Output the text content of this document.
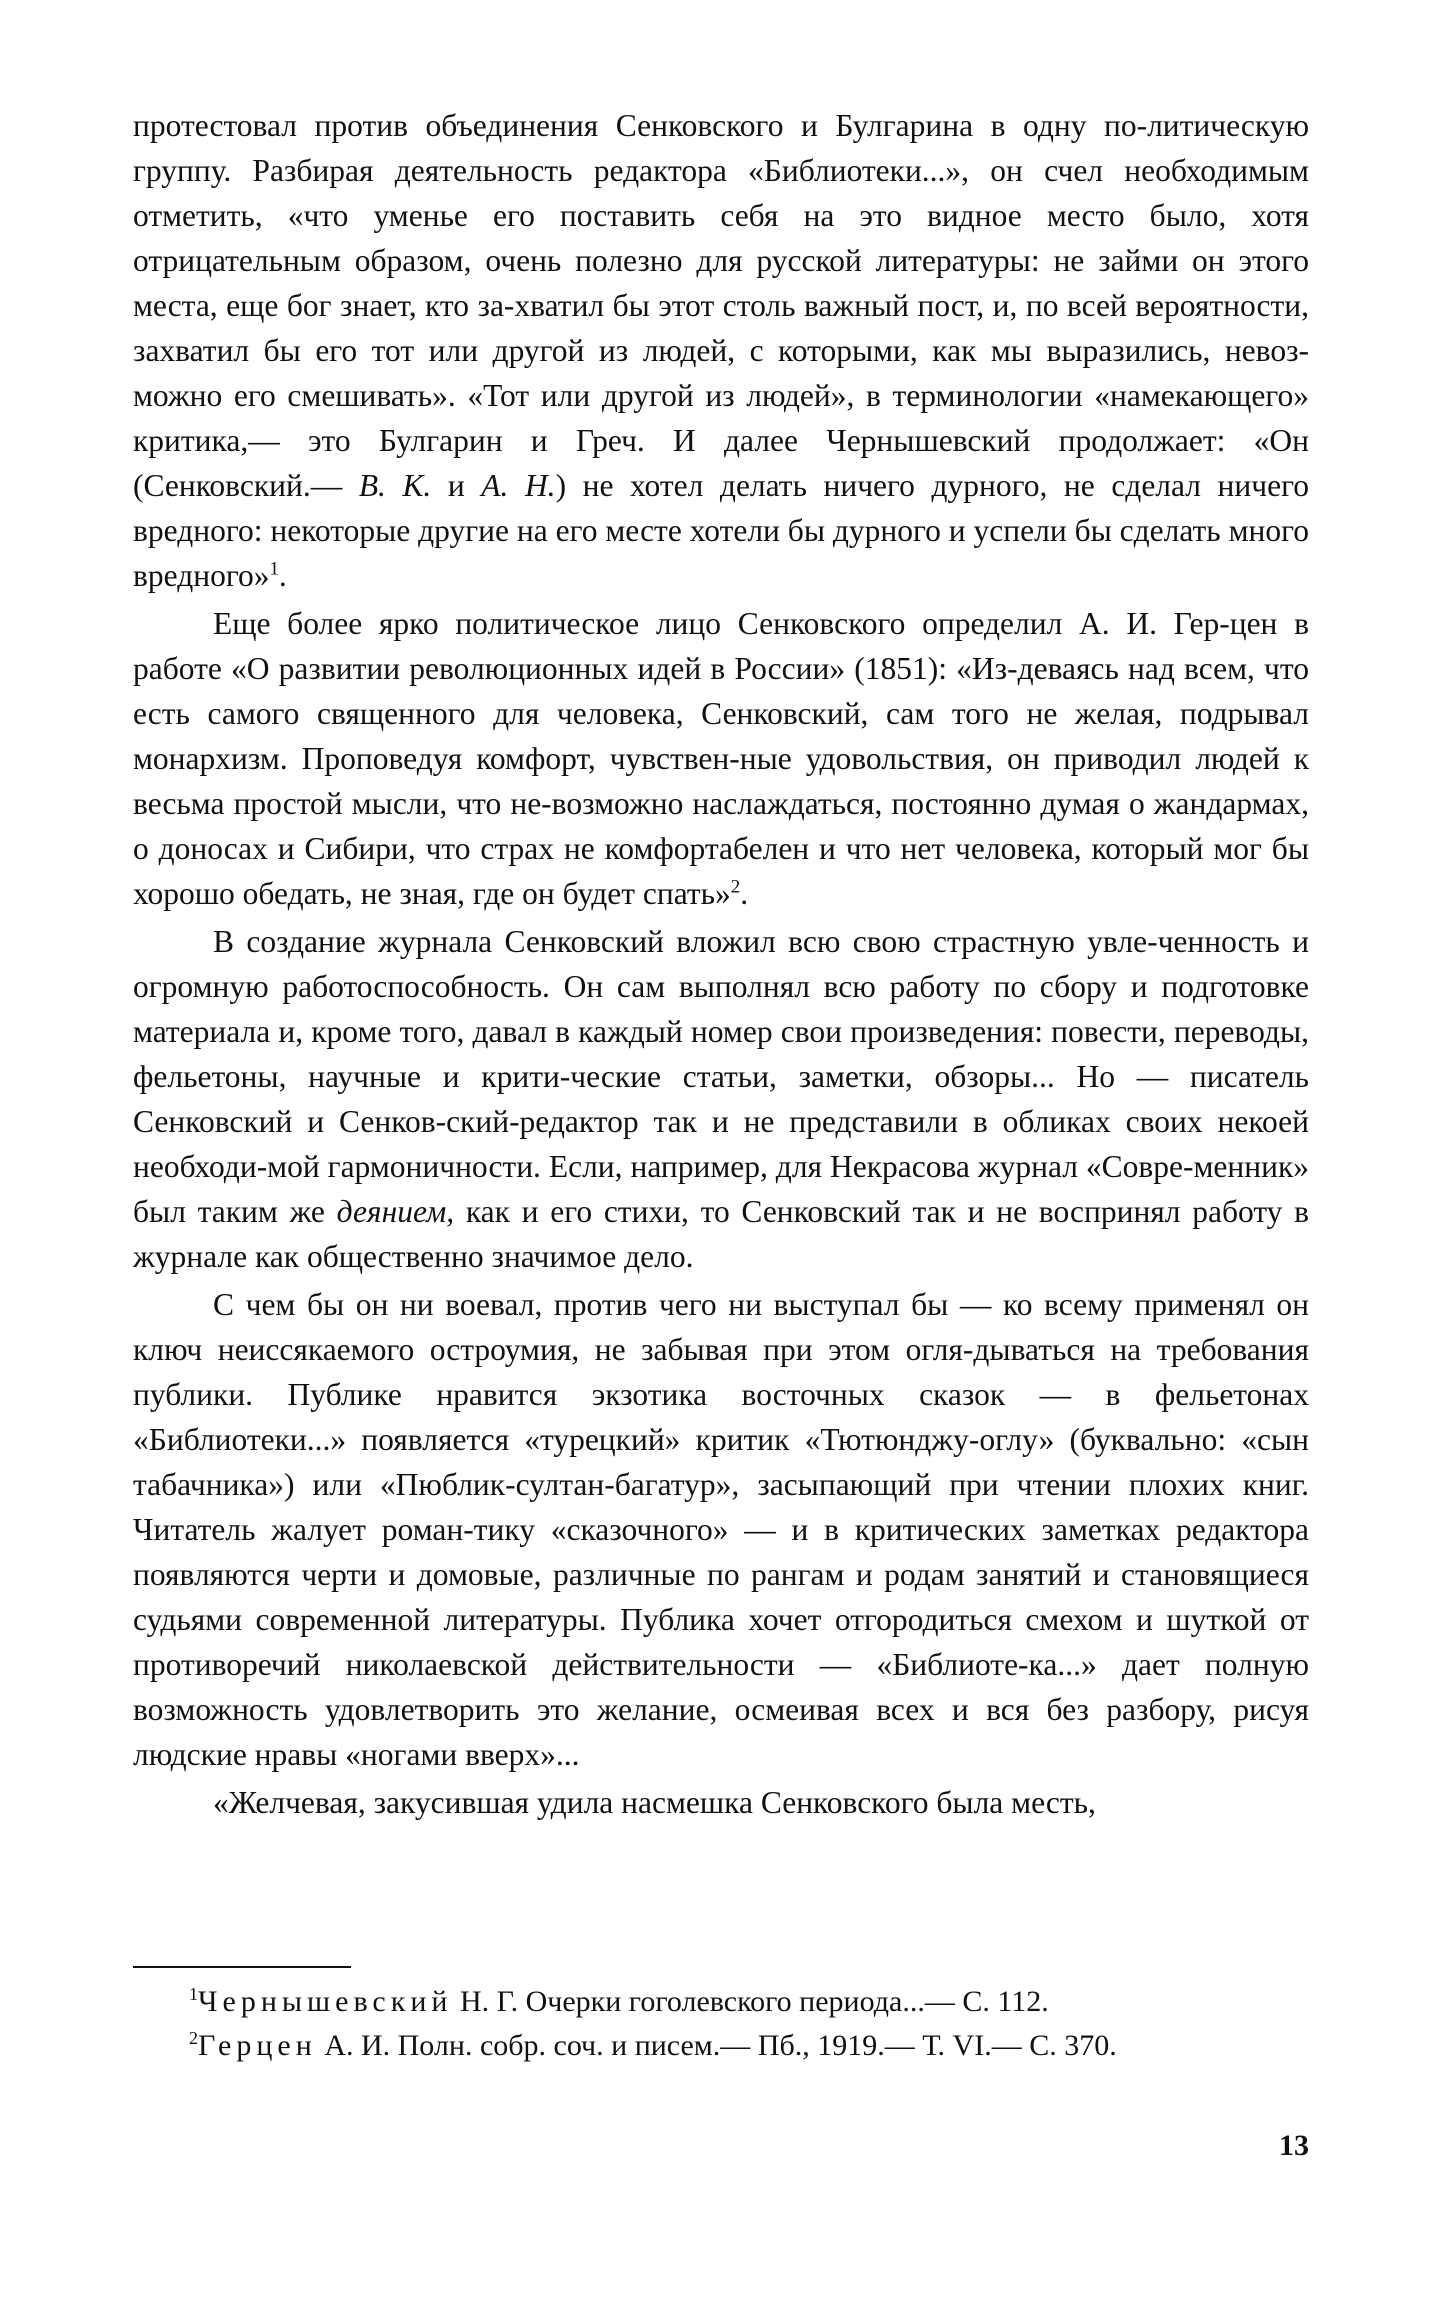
протестовал против объединения Сенковского и Булгарина в одну по-литическую группу. Разбирая деятельность редактора «Библиотеки...», он счел необходимым отметить, «что уменье его поставить себя на это видное место было, хотя отрицательным образом, очень полезно для русской литературы: не займи он этого места, еще бог знает, кто за-хватил бы этот столь важный пост, и, по всей вероятности, захватил бы его тот или другой из людей, с которыми, как мы выразились, невоз-можно его смешивать». «Тот или другой из людей», в терминологии «намекающего» критика,— это Булгарин и Греч. И далее Чернышевский продолжает: «Он (Сенковский.— В. К. и А. Н.) не хотел делать ничего дурного, не сделал ничего вредного: некоторые другие на его месте хотели бы дурного и успели бы сделать много вредного»$^1$.

Еще более ярко политическое лицо Сенковского определил А. И. Гер-цен в работе «О развитии революционных идей в России» (1851): «Из-деваясь над всем, что есть самого священного для человека, Сенковский, сам того не желая, подрывал монархизм. Проповедуя комфорт, чувствен-ные удовольствия, он приводил людей к весьма простой мысли, что не-возможно наслаждаться, постоянно думая о жандармах, о доносах и Сибири, что страх не комфортабелен и что нет человека, который мог бы хорошо обедать, не зная, где он будет спать»$^2$.

В создание журнала Сенковский вложил всю свою страстную увле-ченность и огромную работоспособность. Он сам выполнял всю работу по сбору и подготовке материала и, кроме того, давал в каждый номер свои произведения: повести, переводы, фельетоны, научные и крити-ческие статьи, заметки, обзоры... Но — писатель Сенковский и Сенков-ский-редактор так и не представили в обликах своих некоей необходи-мой гармоничности. Если, например, для Некрасова журнал «Совре-менник» был таким же деянием, как и его стихи, то Сенковский так и не воспринял работу в журнале как общественно значимое дело.

С чем бы он ни воевал, против чего ни выступал бы — ко всему применял он ключ неиссякаемого остроумия, не забывая при этом огля-дываться на требования публики. Публике нравится экзотика восточных сказок — в фельетонах «Библиотеки...» появляется «турецкий» критик «Тютюнджу-оглу» (буквально: «сын табачника») или «Пюблик-султан-багатур», засыпающий при чтении плохих книг. Читатель жалует роман-тику «сказочного» — и в критических заметках редактора появляются черти и домовые, различные по рангам и родам занятий и становящиеся судьями современной литературы. Публика хочет отгородиться смехом и шуткой от противоречий николаевской действительности — «Библиоте-ка...» дает полную возможность удовлетворить это желание, осмеивая всех и вся без разбору, рисуя людские нравы «ногами вверх»...

«Желчевая, закусившая удила насмешка Сенковского была месть,

$^1$Чернышевский Н. Г. Очерки гоголевского периода...— С. 112.

$^2$Герцен А. И. Полн. собр. соч. и писем.— Пб., 1919.— Т. VI.— С. 370.

13
